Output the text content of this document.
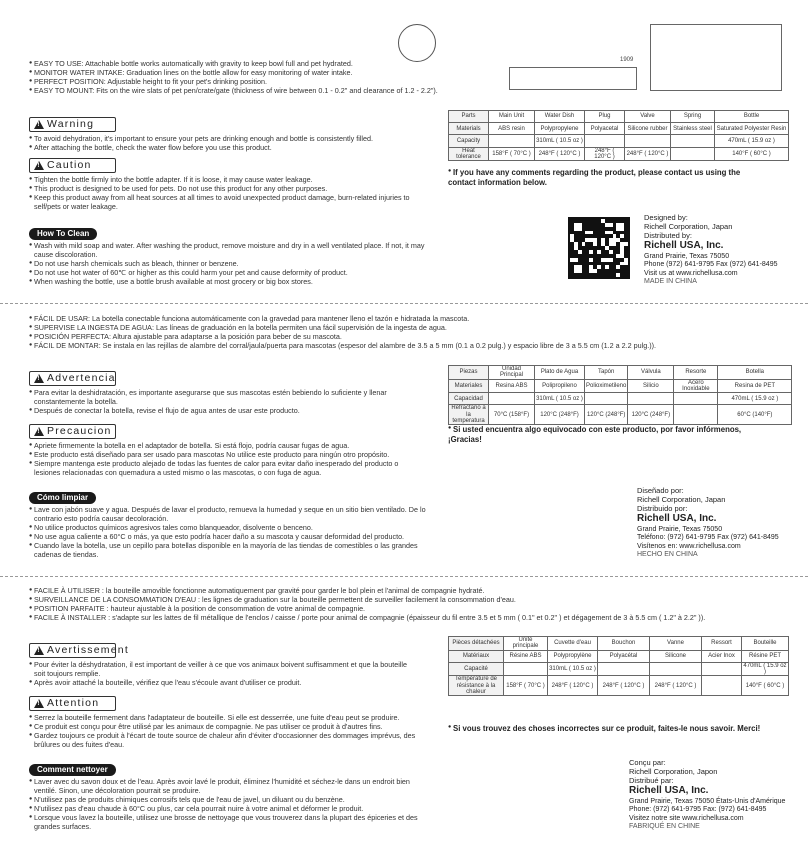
1909
● EASY TO USE: Attachable bottle works automatically with gravity to keep bowl full and pet hydrated.
● MONITOR WATER INTAKE: Graduation lines on the bottle allow for easy monitoring of water intake.
● PERFECT POSITION: Adjustable height to fit your pet's drinking position.
● EASY TO MOUNT: Fits on the wire slats of pet pen/crate/gate (thickness of wire between 0.1 - 0.2" and clearance of 1.2 - 2.2").
!
Warning
● To avoid dehydration, it's important to ensure your pets are drinking enough and bottle is consistently filled.
● After attaching the bottle, check the water flow before you use this product.
!
Caution
● Tighten the bottle firmly into the bottle adapter. If it is loose, it may cause water leakage.
● This product is designed to be used for pets. Do not use this product for any other purposes.
● Keep this product away from all heat sources at all times to avoid unexpected product damage, burn-related injuries to self/pets or water leakage.
How To Clean
● Wash with mild soap and water. After washing the product, remove moisture and dry in a well ventilated place. If not, it may cause discoloration.
● Do not use harsh chemicals such as bleach, thinner or benzene.
● Do not use hot water of 60℃ or higher as this could harm your pet and cause deformity of product.
● When washing the bottle, use a bottle brush available at most grocery or big box stores.
Parts	Main Unit	Water Dish	Plug	Valve	Spring	Bottle
Materials	ABS resin	Polypropylene	Polyacetal	Silicone rubber	Stainless steel	Saturated Polyester Resin
Capacity		310mL ( 10.5 oz )				470mL ( 15.9 oz )
Heat tolerance	158°F ( 70°C )	248°F ( 120°C )	248°F ( 120°C )	248°F ( 120°C )		140°F ( 60°C )
● If you have any comments regarding the product, please contact us using the contact information below.
Designed by:
Richell Corporation, Japan
Distributed by:
Richell USA, Inc.
Grand Prairie, Texas 75050
Phone (972) 641-9795 Fax (972) 641-8495
Visit us at www.richellusa.com
MADE IN CHINA
● FÁCIL DE USAR: La botella conectable funciona automáticamente con la gravedad para mantener lleno el tazón e hidratada la mascota.
● SUPERVISE LA INGESTA DE AGUA: Las líneas de graduación en la botella permiten una fácil supervisión de la ingesta de agua.
● POSICIÓN PERFECTA: Altura ajustable para adaptarse a la posición para beber de su mascota.
● FÁCIL DE MONTAR: Se instala en las rejillas de alambre del corral/jaula/puerta para mascotas (espesor del alambre de 3.5 a 5 mm (0.1 a 0.2 pulg.) y espacio libre de 3 a 5.5 cm (1.2 a 2.2 pulg.)).
!
Advertencia
● Para evitar la deshidratación, es importante asegurarse que sus mascotas estén bebiendo lo suficiente y llenar constantemente la botella.
● Después de conectar la botella, revise el flujo de agua antes de usar este producto.
!
Precaucion
● Apriete firmemente la botella en el adaptador de botella. Si está flojo, podría causar fugas de agua.
● Este producto está diseñado para ser usado para mascotas No utilice este producto para ningún otro propósito.
● Siempre mantenga este producto alejado de todas las fuentes de calor para evitar daño inesperado del producto o lesiones relacionadas con quemadura a usted mismo o las mascotas, o con fuga de agua.
Cómo limpiar
● Lave con jabón suave y agua. Después de lavar el producto, remueva la humedad y seque en un sitio bien ventilado. De lo contrario esto podría causar decoloración.
● No utilice productos químicos agresivos tales como blanqueador, disolvente o benceno.
● No use agua caliente a 60°C o más, ya que esto podría hacer daño a su mascota y causar deformidad del producto.
● Cuando lave la botella, use un cepillo para botellas disponible en la mayoría de las tiendas de comestibles o las grandes cadenas de tiendas.
Piezas	Unidad Principal	Plato de Agua	Tapón	Válvula	Resorte	Botella
Materiales	Resina ABS	Polipropileno	Polioximetileno	Silicio	Acero Inoxidable	Resina de PET
Capacidad		310mL ( 10.5 oz )				470mL ( 15.9 oz )
Refractario a la temperatura	70°C (158°F)	120°C (248°F)	120°C (248°F)	120°C (248°F)		60°C (140°F)
● Si usted encuentra algo equivocado con este producto, por favor infórmenos, ¡Gracias!
Diseñado por:
Richell Corporation, Japan
Distribuido por:
Richell USA, Inc.
Grand Prairie, Texas 75050
Teléfono: (972) 641-9795 Fax (972) 641-8495
Visítenos en: www.richellusa.com
HECHO EN CHINA
● FACILE À UTILISER : la bouteille amovible fonctionne automatiquement par gravité pour garder le bol plein et l'animal de compagnie hydraté.
● SURVEILLANCE DE LA CONSOMMATION D'EAU : les lignes de graduation sur la bouteille permettent de surveiller facilement la consommation d'eau.
● POSITION PARFAITE : hauteur ajustable à la position de consommation de votre animal de compagnie.
● FACILE À INSTALLER : s'adapte sur les lattes de fil métallique de l'enclos / caisse / porte pour animal de compagnie (épaisseur du fil entre 3.5 et 5 mm ( 0.1" et 0.2" ) et dégagement de 3 à 5.5 cm ( 1.2" à 2.2" )).
!
Avertissement
● Pour éviter la déshydratation, il est important de veiller à ce que vos animaux boivent suffisamment et que la bouteille soit toujours remplie.
● Après avoir attaché la bouteille, vérifiez que l'eau s'écoule avant d'utiliser ce produit.
!
Attention
● Serrez la bouteille fermement dans l'adaptateur de bouteille. Si elle est desserrée, une fuite d'eau peut se produire.
● Ce produit est conçu pour être utilisé par les animaux de compagnie. Ne pas utiliser ce produit à d'autres fins.
● Gardez toujours ce produit à l'écart de toute source de chaleur afin d'éviter d'occasionner des dommages imprévus, des brûlures ou des fuites d'eau.
Comment nettoyer
● Laver avec du savon doux et de l'eau. Après avoir lavé le produit, éliminez l'humidité et séchez-le dans un endroit bien ventilé. Sinon, une décoloration pourrait se produire.
● N'utilisez pas de produits chimiques corrosifs tels que de l'eau de javel, un diluant ou du benzène.
● N'utilisez pas d'eau chaude à 60°C ou plus, car cela pourrait nuire à votre animal et déformer le produit.
● Lorsque vous lavez la bouteille, utilisez une brosse de nettoyage que vous trouverez dans la plupart des épiceries et des grandes surfaces.
Pièces détachées	Unité principale	Cuvette d'eau	Bouchon	Vanne	Ressort	Bouteille
Matériaux	Résine ABS	Polypropylène	Polyacétal	Silicone	Acier Inox	Résine PET
Capacité		310mL ( 10.5 oz )				470mL ( 15.9 oz )
Température de résistance à la chaleur	158°F ( 70°C )	248°F ( 120°C )	248°F ( 120°C )	248°F ( 120°C )		140°F ( 60°C )
● Si vous trouvez des choses incorrectes sur ce produit, faites-le nous savoir. Merci!
Conçu par:
Richell Corporation, Japon
Distribué par:
Richell USA, Inc.
Grand Prairie, Texas 75050 États-Unis d'Amérique
Phone: (972) 641-9795 Fax: (972) 641-8495
Visitez notre site www.richellusa.com
FABRIQUÉ EN CHINE
